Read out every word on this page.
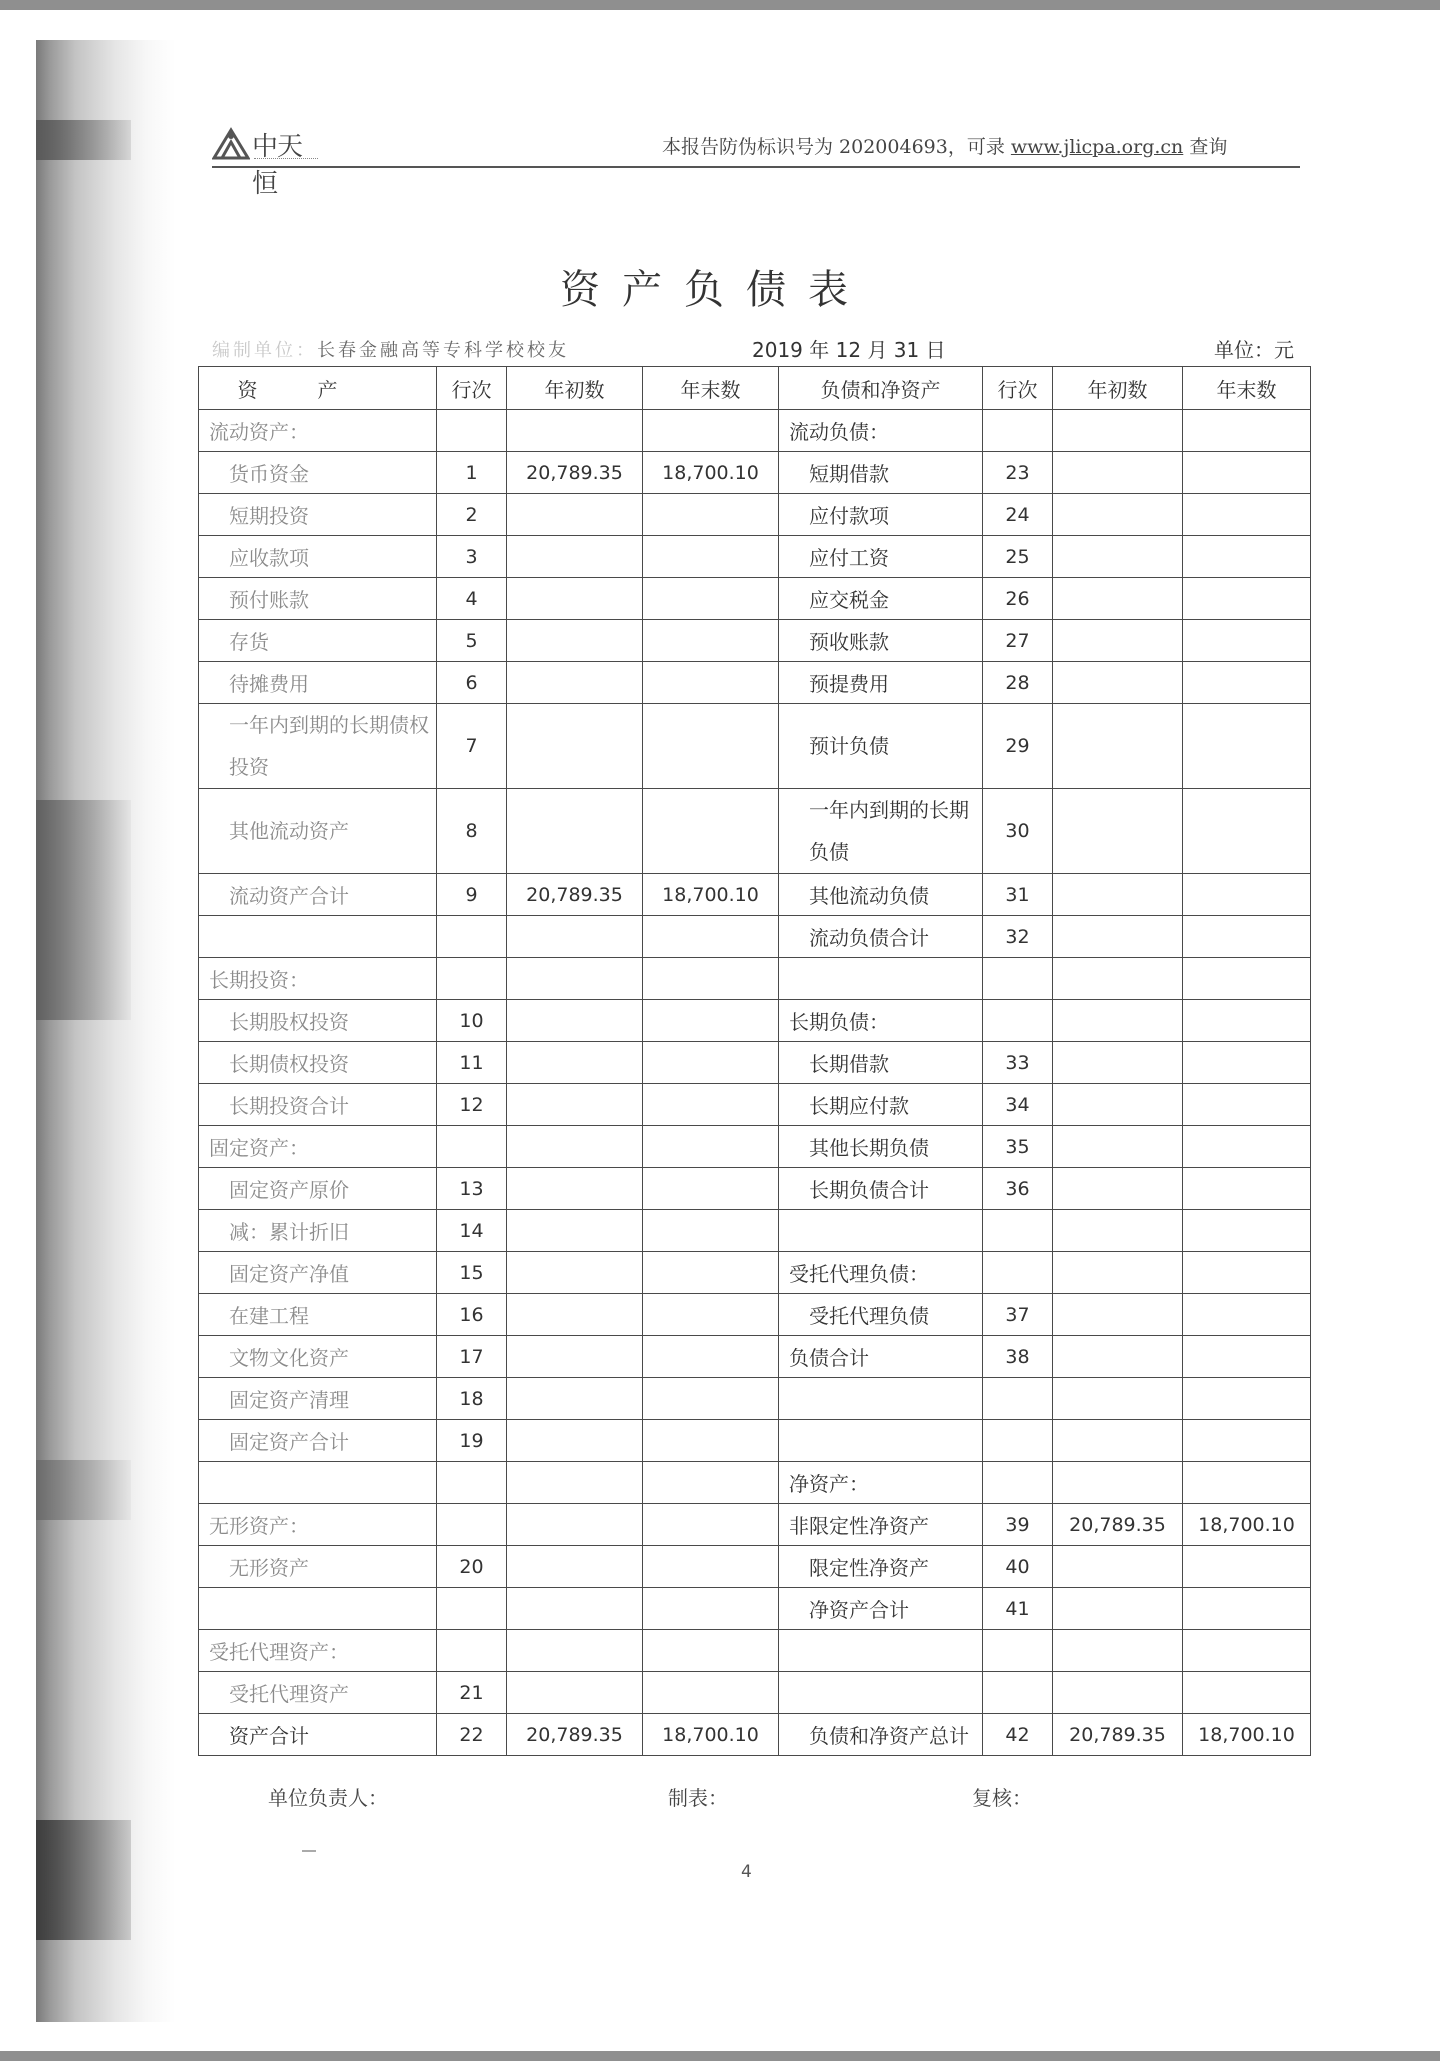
中天恒
本报告防伪标识号为 202004693，可录 www.jlicpa.org.cn 查询
资产负债表
编制单位：长春金融高等专科学校校友	2019 年 12 月 31 日	单位：元
资产	行次	年初数	年末数	负债和净资产	行次	年初数	年末数
流动资产：				流动负债：			
货币资金	1	20,789.35	18,700.10	短期借款	23		
短期投资	2			应付款项	24		
应收款项	3			应付工资	25		
预付账款	4			应交税金	26		
存货	5			预收账款	27		
待摊费用	6			预提费用	28		
一年内到期的长期债权投资	7			预计负债	29		
其他流动资产	8			一年内到期的长期负债	30		
流动资产合计	9	20,789.35	18,700.10	其他流动负债	31		
				流动负债合计	32		
长期投资：							
长期股权投资	10			长期负债：			
长期债权投资	11			长期借款	33		
长期投资合计	12			长期应付款	34		
固定资产：				其他长期负债	35		
固定资产原价	13			长期负债合计	36		
减：累计折旧	14						
固定资产净值	15			受托代理负债：			
在建工程	16			受托代理负债	37		
文物文化资产	17			负债合计	38		
固定资产清理	18						
固定资产合计	19						
				净资产：			
无形资产：				非限定性净资产	39	20,789.35	18,700.10
无形资产	20			限定性净资产	40		
				净资产合计	41		
受托代理资产：							
受托代理资产	21						
资产合计	22	20,789.35	18,700.10	负债和净资产总计	42	20,789.35	18,700.10
单位负责人：	制表：	复核：
4
